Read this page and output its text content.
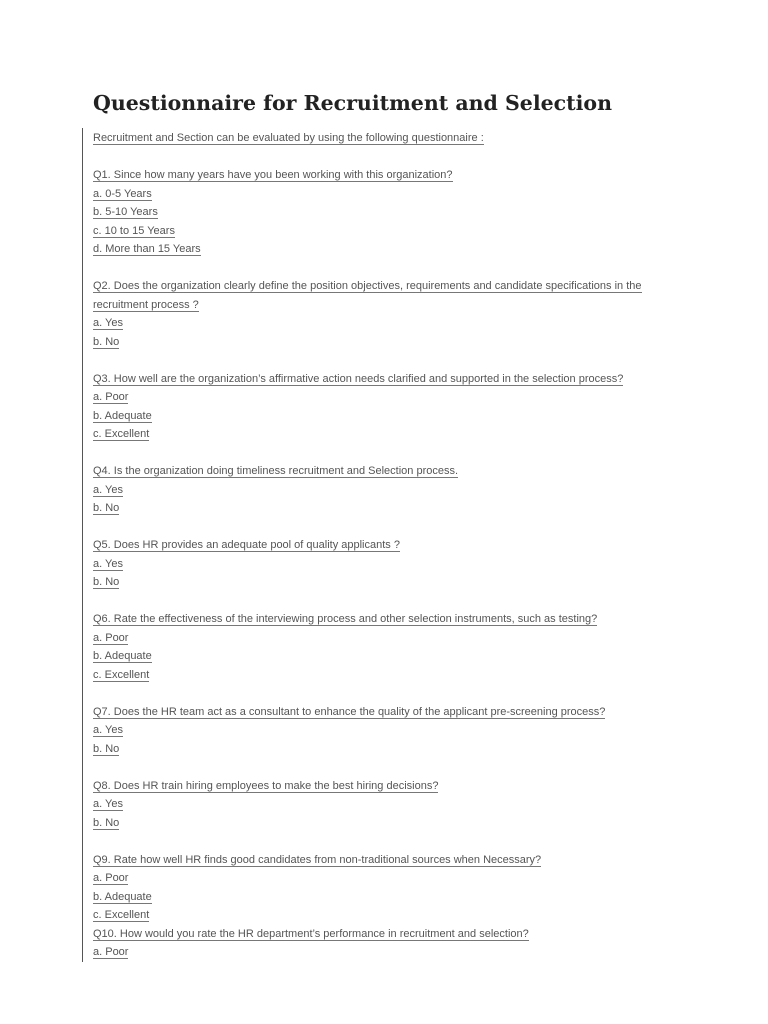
Questionnaire for Recruitment and Selection
Recruitment and Section can be evaluated by using the following questionnaire :
Q1. Since how many years have you been working with this organization?
a. 0-5 Years
b. 5-10 Years
c. 10 to 15 Years
d. More than 15 Years
Q2. Does the organization clearly define the position objectives, requirements and candidate specifications in the
recruitment process ?
a. Yes
b. No
Q3. How well are the organization’s affirmative action needs clarified and supported in the selection process?
a. Poor
b. Adequate
c. Excellent
Q4. Is the organization doing timeliness recruitment and Selection process.
a. Yes
b. No
Q5. Does HR provides an adequate pool of quality applicants ?
a. Yes
b. No
Q6. Rate the effectiveness of the interviewing process and other selection instruments, such as testing?
a. Poor
b. Adequate
c. Excellent
Q7. Does the HR team act as a consultant to enhance the quality of the applicant pre-screening process?
a. Yes
b. No
Q8. Does HR train hiring employees to make the best hiring decisions?
a. Yes
b. No
Q9. Rate how well HR finds good candidates from non-traditional sources when Necessary?
a. Poor
b. Adequate
c. Excellent
Q10. How would you rate the HR department’s performance in recruitment and selection?
a. Poor
